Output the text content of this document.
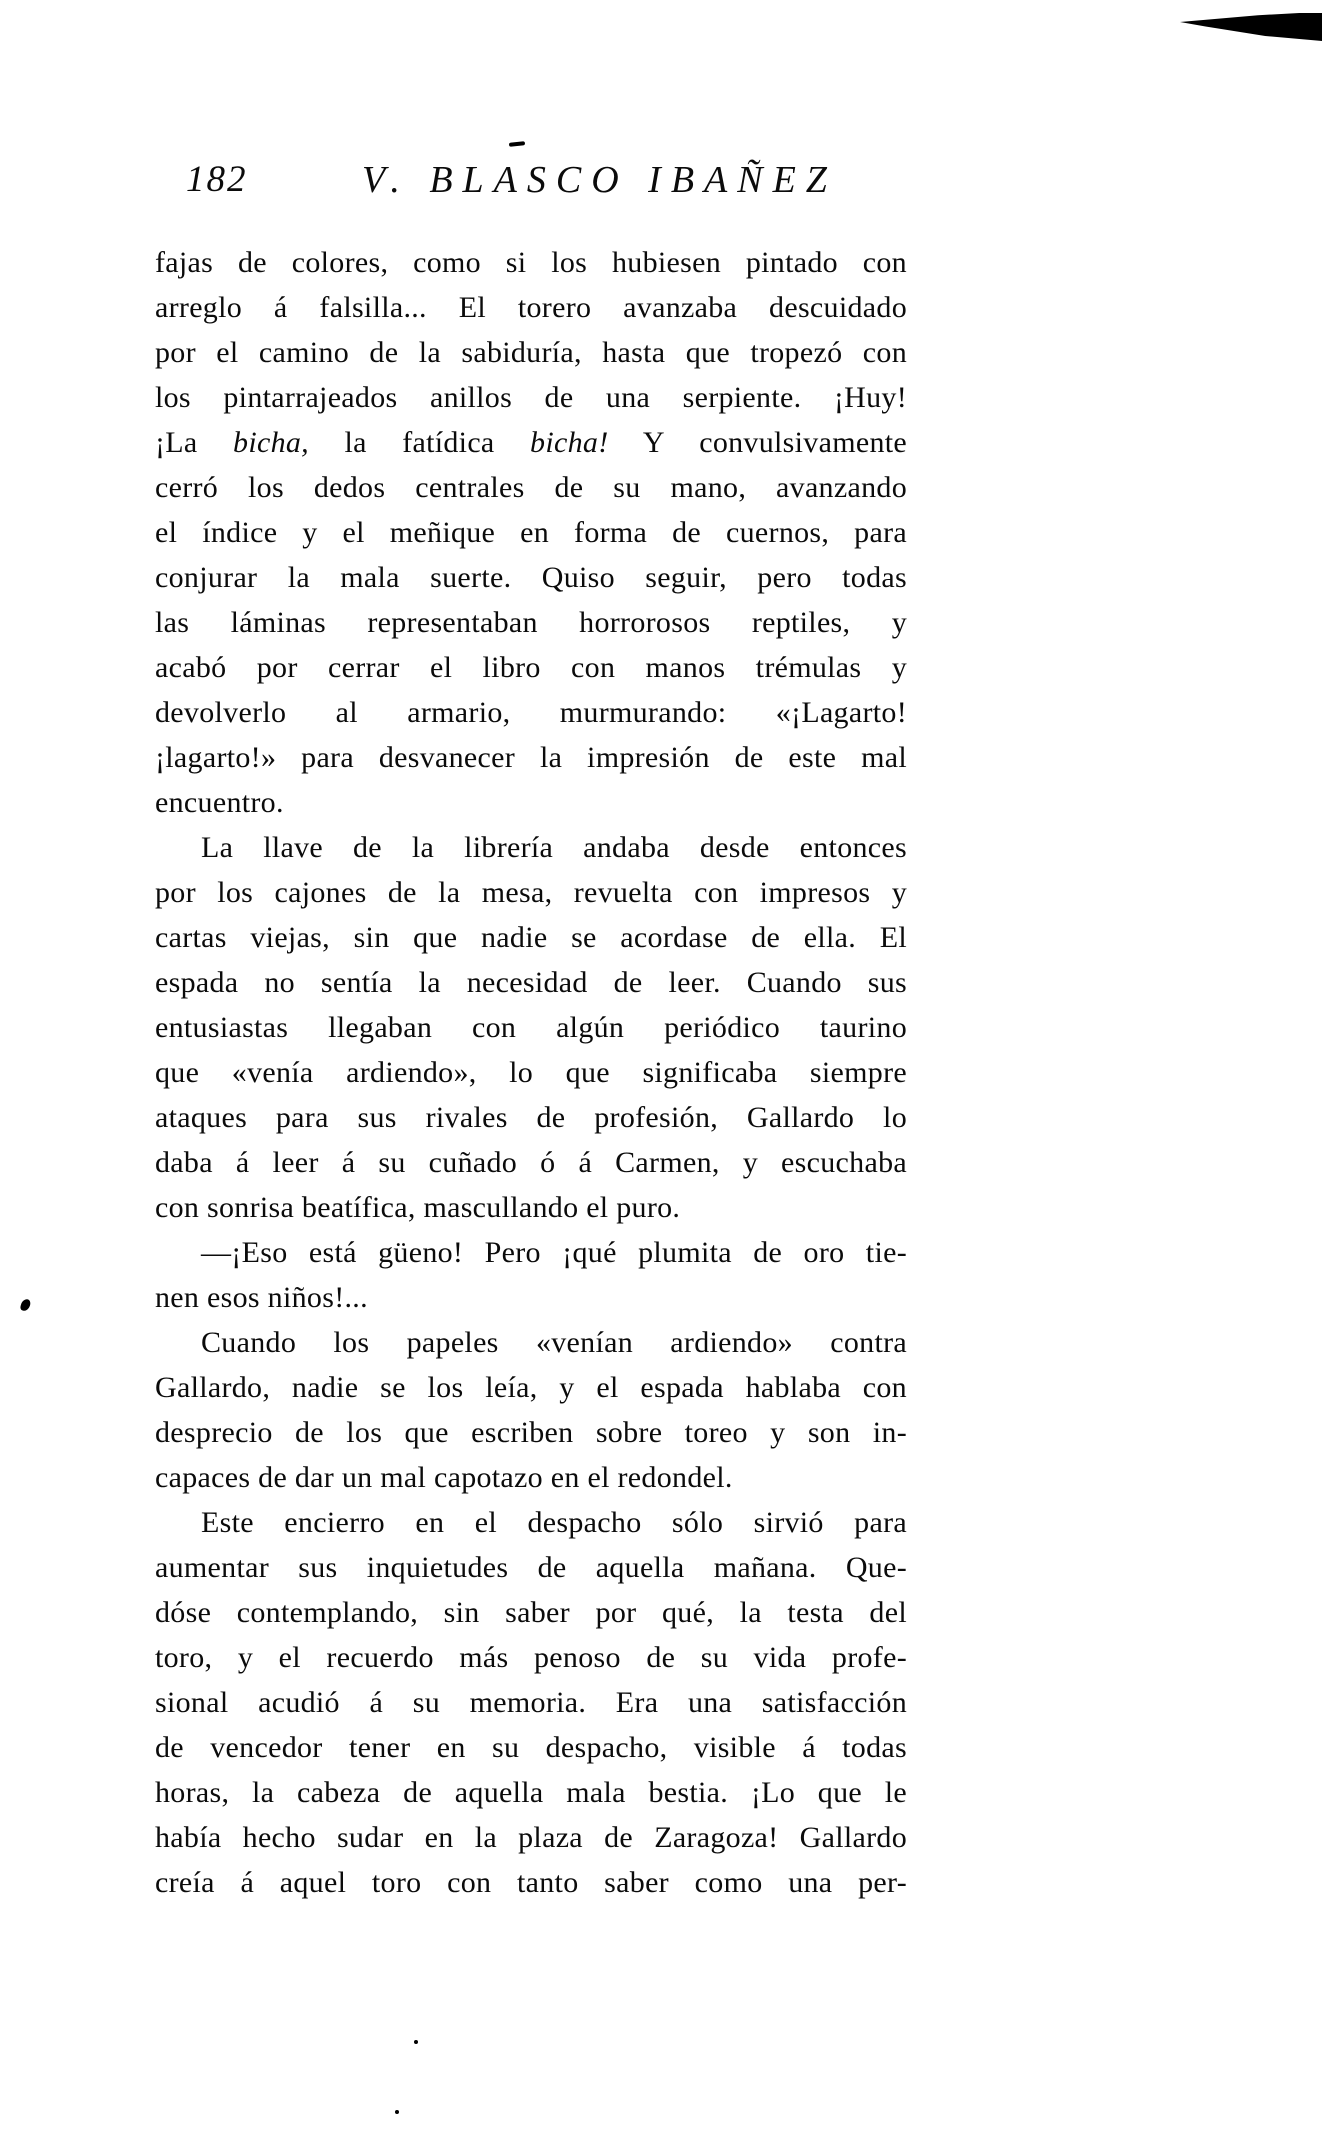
182	V. BLASCO IBAÑEZ
fajas de colores, como si los hubiesen pintado con
arreglo á falsilla... El torero avanzaba descuidado
por el camino de la sabiduría, hasta que tropezó con
los pintarrajeados anillos de una serpiente. ¡Huy!
¡La bicha, la fatídica bicha! Y convulsivamente
cerró los dedos centrales de su mano, avanzando
el índice y el meñique en forma de cuernos, para
conjurar la mala suerte. Quiso seguir, pero todas
las láminas representaban horrorosos reptiles, y
acabó por cerrar el libro con manos trémulas y
devolverlo al armario, murmurando: «¡Lagarto!
¡lagarto!» para desvanecer la impresión de este mal
encuentro.
La llave de la librería andaba desde entonces
por los cajones de la mesa, revuelta con impresos y
cartas viejas, sin que nadie se acordase de ella. El
espada no sentía la necesidad de leer. Cuando sus
entusiastas llegaban con algún periódico taurino
que «venía ardiendo», lo que significaba siempre
ataques para sus rivales de profesión, Gallardo lo
daba á leer á su cuñado ó á Carmen, y escuchaba
con sonrisa beatífica, mascullando el puro.
—¡Eso está güeno! Pero ¡qué plumita de oro tie-
nen esos niños!...
Cuando los papeles «venían ardiendo» contra
Gallardo, nadie se los leía, y el espada hablaba con
desprecio de los que escriben sobre toreo y son in-
capaces de dar un mal capotazo en el redondel.
Este encierro en el despacho sólo sirvió para
aumentar sus inquietudes de aquella mañana. Que-
dóse contemplando, sin saber por qué, la testa del
toro, y el recuerdo más penoso de su vida profe-
sional acudió á su memoria. Era una satisfacción
de vencedor tener en su despacho, visible á todas
horas, la cabeza de aquella mala bestia. ¡Lo que le
había hecho sudar en la plaza de Zaragoza! Gallardo
creía á aquel toro con tanto saber como una per-
